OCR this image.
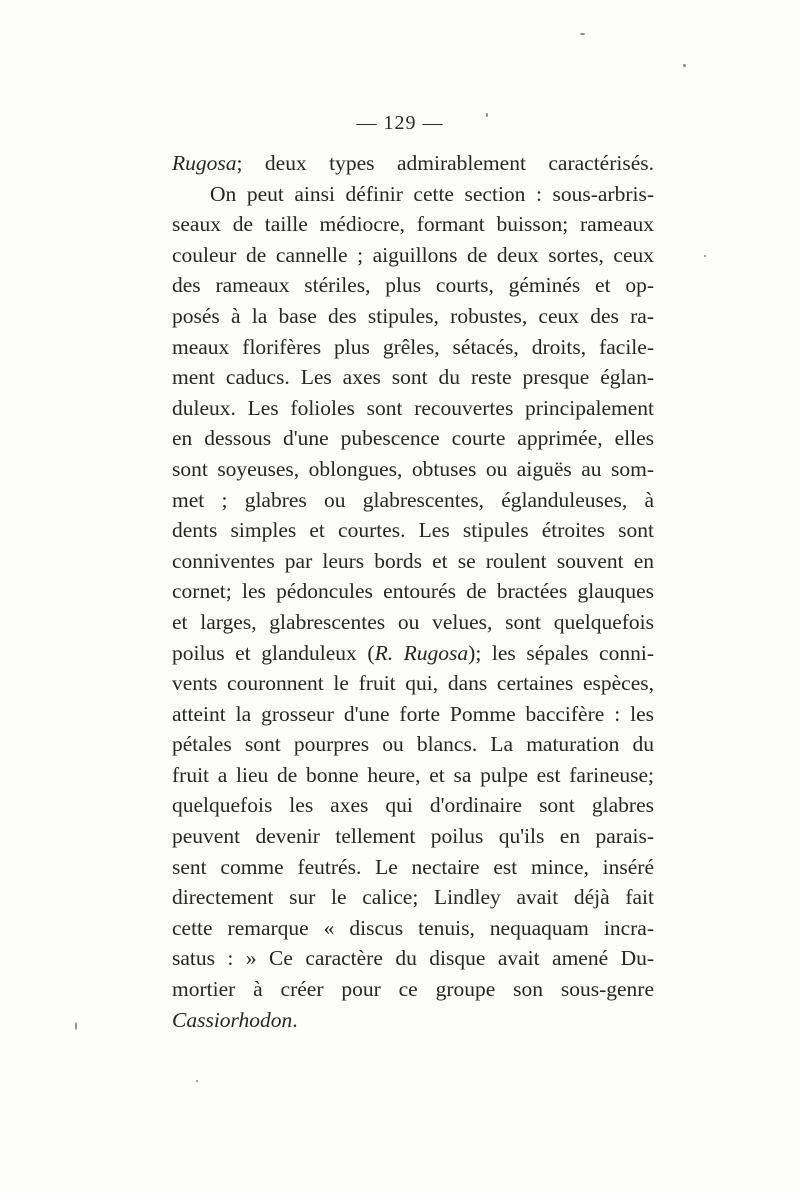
— 129 —
Rugosa; deux types admirablement caractérisés.
On peut ainsi définir cette section : sous-arbris-
seaux de taille médiocre, formant buisson; rameaux
couleur de cannelle ; aiguillons de deux sortes, ceux
des rameaux stériles, plus courts, géminés et op-
posés à la base des stipules, robustes, ceux des ra-
meaux florifères plus grêles, sétacés, droits, facile-
ment caducs. Les axes sont du reste presque églan-
duleux. Les folioles sont recouvertes principalement
en dessous d'une pubescence courte apprimée, elles
sont soyeuses, oblongues, obtuses ou aiguës au som-
met ; glabres ou glabrescentes, églanduleuses, à
dents simples et courtes. Les stipules étroites sont
conniventes par leurs bords et se roulent souvent en
cornet; les pédoncules entourés de bractées glauques
et larges, glabrescentes ou velues, sont quelquefois
poilus et glanduleux (R. Rugosa); les sépales conni-
vents couronnent le fruit qui, dans certaines espèces,
atteint la grosseur d'une forte Pomme baccifère : les
pétales sont pourpres ou blancs. La maturation du
fruit a lieu de bonne heure, et sa pulpe est farineuse;
quelquefois les axes qui d'ordinaire sont glabres
peuvent devenir tellement poilus qu'ils en parais-
sent comme feutrés. Le nectaire est mince, inséré
directement sur le calice; Lindley avait déjà fait
cette remarque « discus tenuis, nequaquam incra-
satus : » Ce caractère du disque avait amené Du-
mortier à créer pour ce groupe son sous-genre
Cassiorhodon.
